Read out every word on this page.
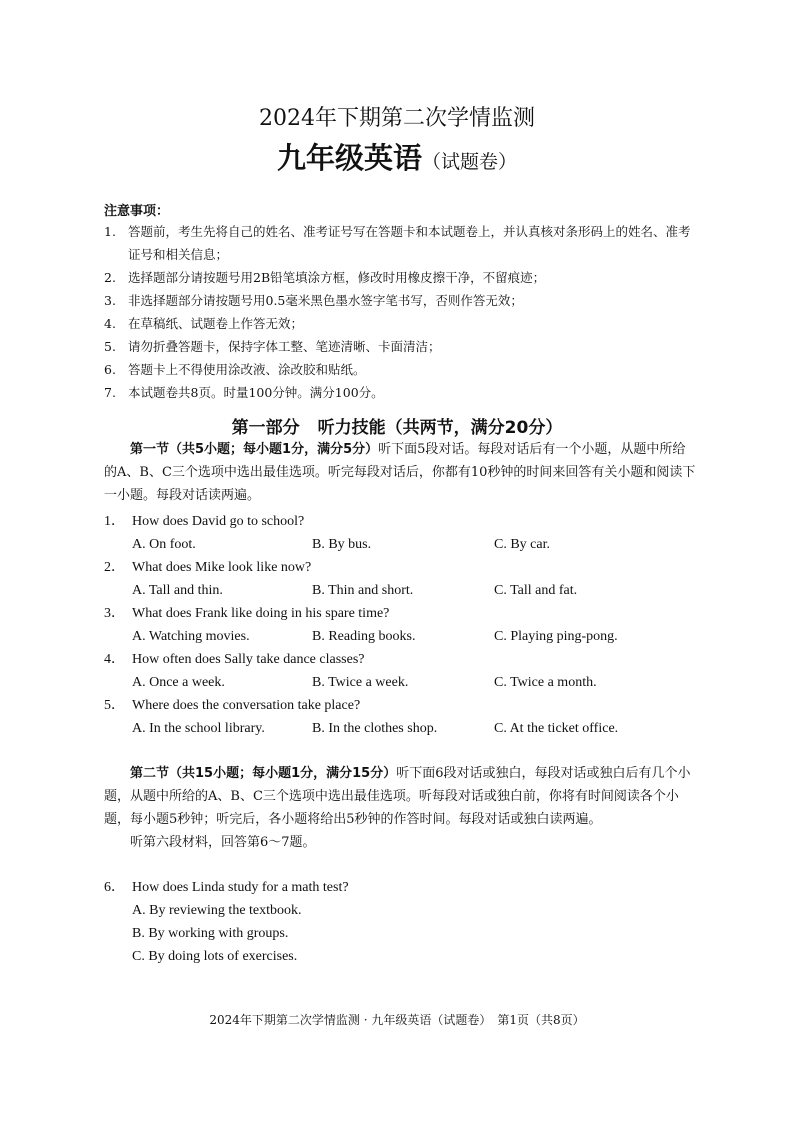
2024年下期第二次学情监测
九年级英语（试题卷）
注意事项：
1. 答题前，考生先将自己的姓名、准考证号写在答题卡和本试题卷上，并认真核对条形码上的姓名、准考证号和相关信息；
2. 选择题部分请按题号用2B铅笔填涂方框，修改时用橡皮擦干净，不留痕迹；
3. 非选择题部分请按题号用0.5毫米黑色墨水签字笔书写，否则作答无效；
4. 在草稿纸、试题卷上作答无效；
5. 请勿折叠答题卡，保持字体工整、笔迹清晰、卡面清洁；
6. 答题卡上不得使用涂改液、涂改胶和贴纸。
7. 本试题卷共8页。时量100分钟。满分100分。
第一部分 听力技能（共两节，满分20分）

第一节（共5小题；每小题1分，满分5分）听下面5段对话。每段对话后有一个小题，从题中所给的A、B、C三个选项中选出最佳选项。听完每段对话后，你都有10秒钟的时间来回答有关小题和阅读下一小题。每段对话读两遍。

1． How does David go to school?
A. On foot.	B. By bus.	C. By car.
2． What does Mike look like now?
A. Tall and thin.	B. Thin and short.	C. Tall and fat.
3． What does Frank like doing in his spare time?
A. Watching movies.	B. Reading books.	C. Playing ping-pong.
4． How often does Sally take dance classes?
A. Once a week.	B. Twice a week.	C. Twice a month.
5． Where does the conversation take place?
A. In the school library.	B. In the clothes shop.	C. At the ticket office.

第二节（共15小题；每小题1分，满分15分）听下面6段对话或独白，每段对话或独白后有几个小题，从题中所给的A、B、C三个选项中选出最佳选项。听每段对话或独白前，你将有时间阅读各个小题，每小题5秒钟；听完后，各小题将给出5秒钟的作答时间。每段对话或独白读两遍。

听第六段材料，回答第6～7题。

6． How does Linda study for a math test?
A. By reviewing the textbook.
B. By working with groups.
C. By doing lots of exercises.
2024年下期第二次学情监测 · 九年级英语（试题卷）　第1页（共8页）
